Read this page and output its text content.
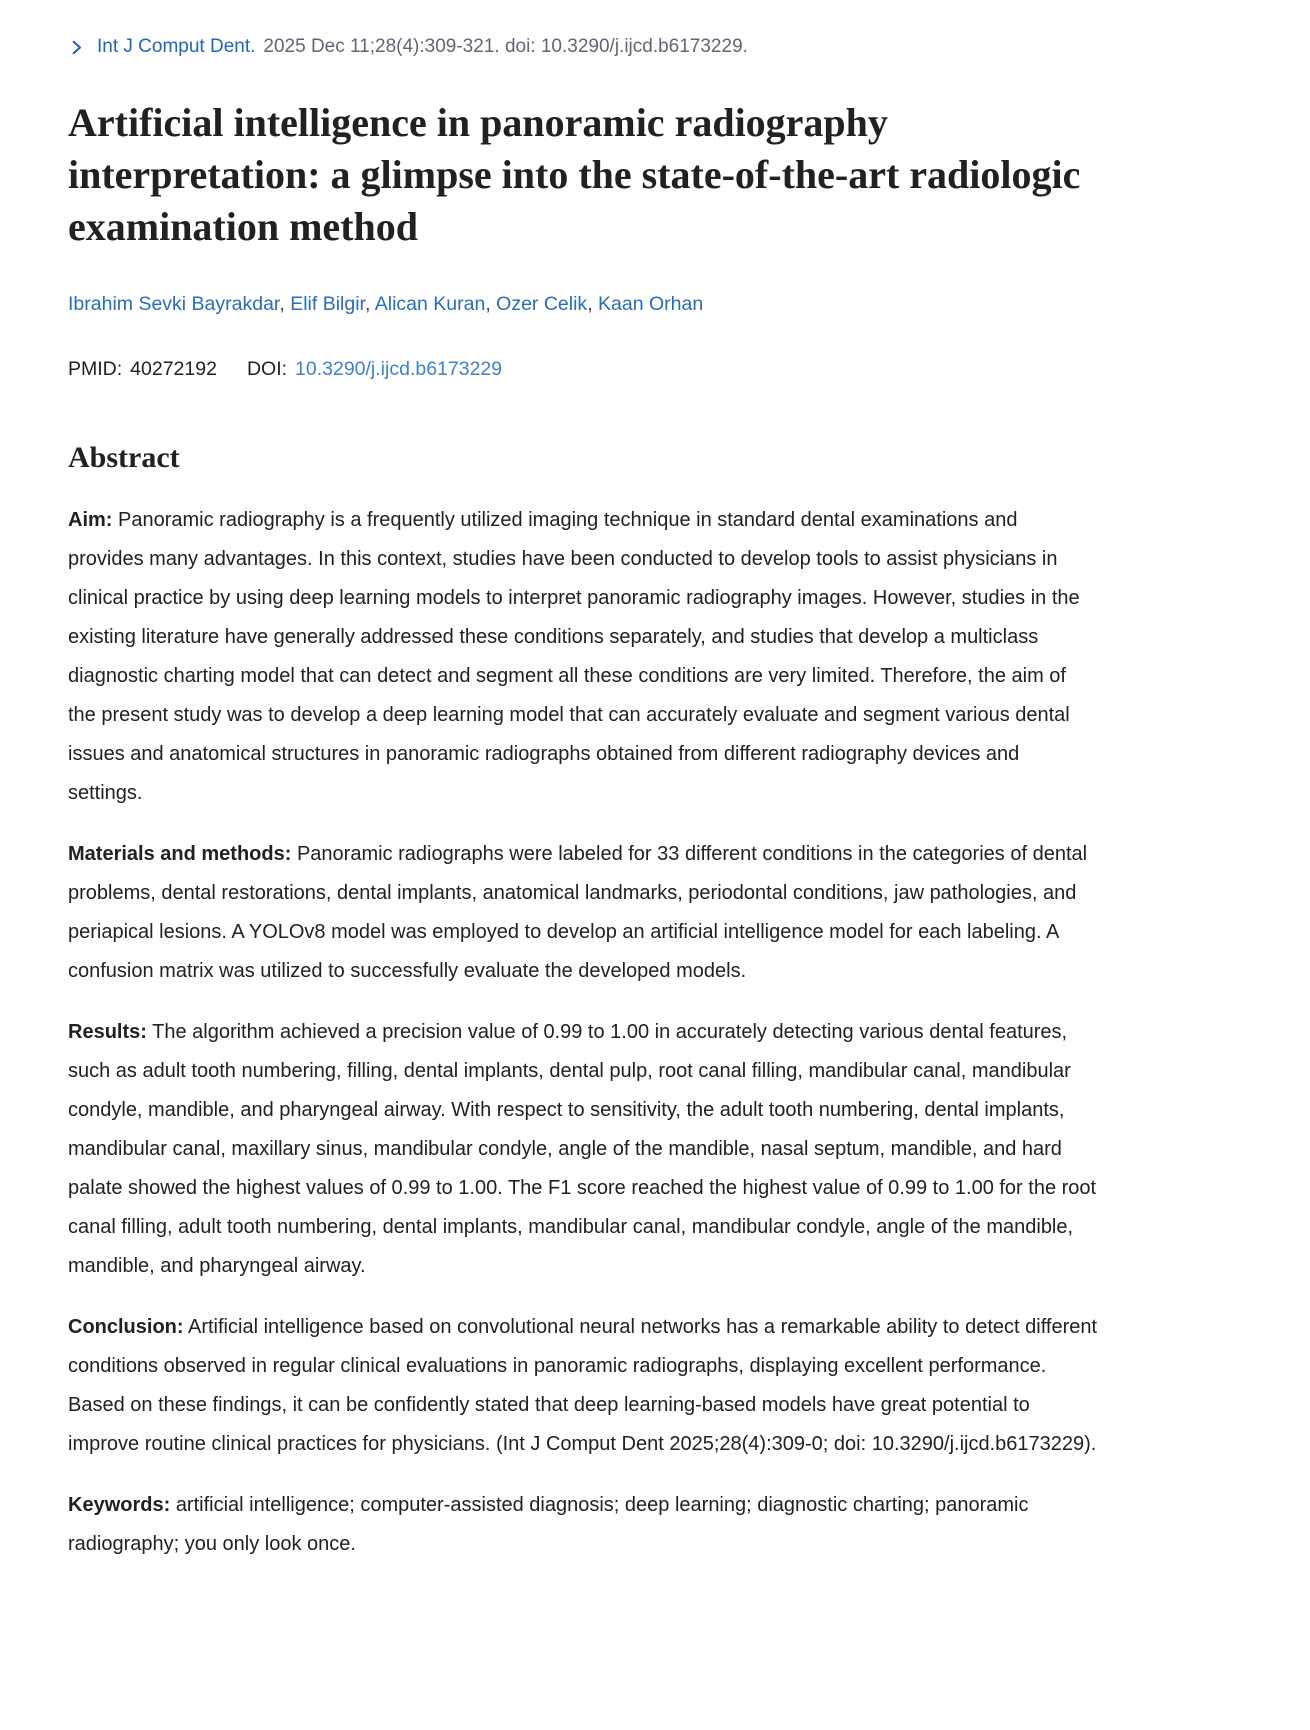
Int J Comput Dent. 2025 Dec 11;28(4):309-321. doi: 10.3290/j.ijcd.b6173229.
Artificial intelligence in panoramic radiography interpretation: a glimpse into the state-of-the-art radiologic examination method
Ibrahim Sevki Bayrakdar, Elif Bilgir, Alican Kuran, Ozer Celik, Kaan Orhan
PMID: 40272192 DOI: 10.3290/j.ijcd.b6173229
Abstract

Aim: Panoramic radiography is a frequently utilized imaging technique in standard dental examinations and provides many advantages. In this context, studies have been conducted to develop tools to assist physicians in clinical practice by using deep learning models to interpret panoramic radiography images. However, studies in the existing literature have generally addressed these conditions separately, and studies that develop a multiclass diagnostic charting model that can detect and segment all these conditions are very limited. Therefore, the aim of the present study was to develop a deep learning model that can accurately evaluate and segment various dental issues and anatomical structures in panoramic radiographs obtained from different radiography devices and settings.

Materials and methods: Panoramic radiographs were labeled for 33 different conditions in the categories of dental problems, dental restorations, dental implants, anatomical landmarks, periodontal conditions, jaw pathologies, and periapical lesions. A YOLOv8 model was employed to develop an artificial intelligence model for each labeling. A confusion matrix was utilized to successfully evaluate the developed models.

Results: The algorithm achieved a precision value of 0.99 to 1.00 in accurately detecting various dental features, such as adult tooth numbering, filling, dental implants, dental pulp, root canal filling, mandibular canal, mandibular condyle, mandible, and pharyngeal airway. With respect to sensitivity, the adult tooth numbering, dental implants, mandibular canal, maxillary sinus, mandibular condyle, angle of the mandible, nasal septum, mandible, and hard palate showed the highest values of 0.99 to 1.00. The F1 score reached the highest value of 0.99 to 1.00 for the root canal filling, adult tooth numbering, dental implants, mandibular canal, mandibular condyle, angle of the mandible, mandible, and pharyngeal airway.

Conclusion: Artificial intelligence based on convolutional neural networks has a remarkable ability to detect different conditions observed in regular clinical evaluations in panoramic radiographs, displaying excellent performance. Based on these findings, it can be confidently stated that deep learning-based models have great potential to improve routine clinical practices for physicians. (Int J Comput Dent 2025;28(4):309-0; doi: 10.3290/j.ijcd.b6173229).

Keywords: artificial intelligence; computer-assisted diagnosis; deep learning; diagnostic charting; panoramic radiography; you only look once.
